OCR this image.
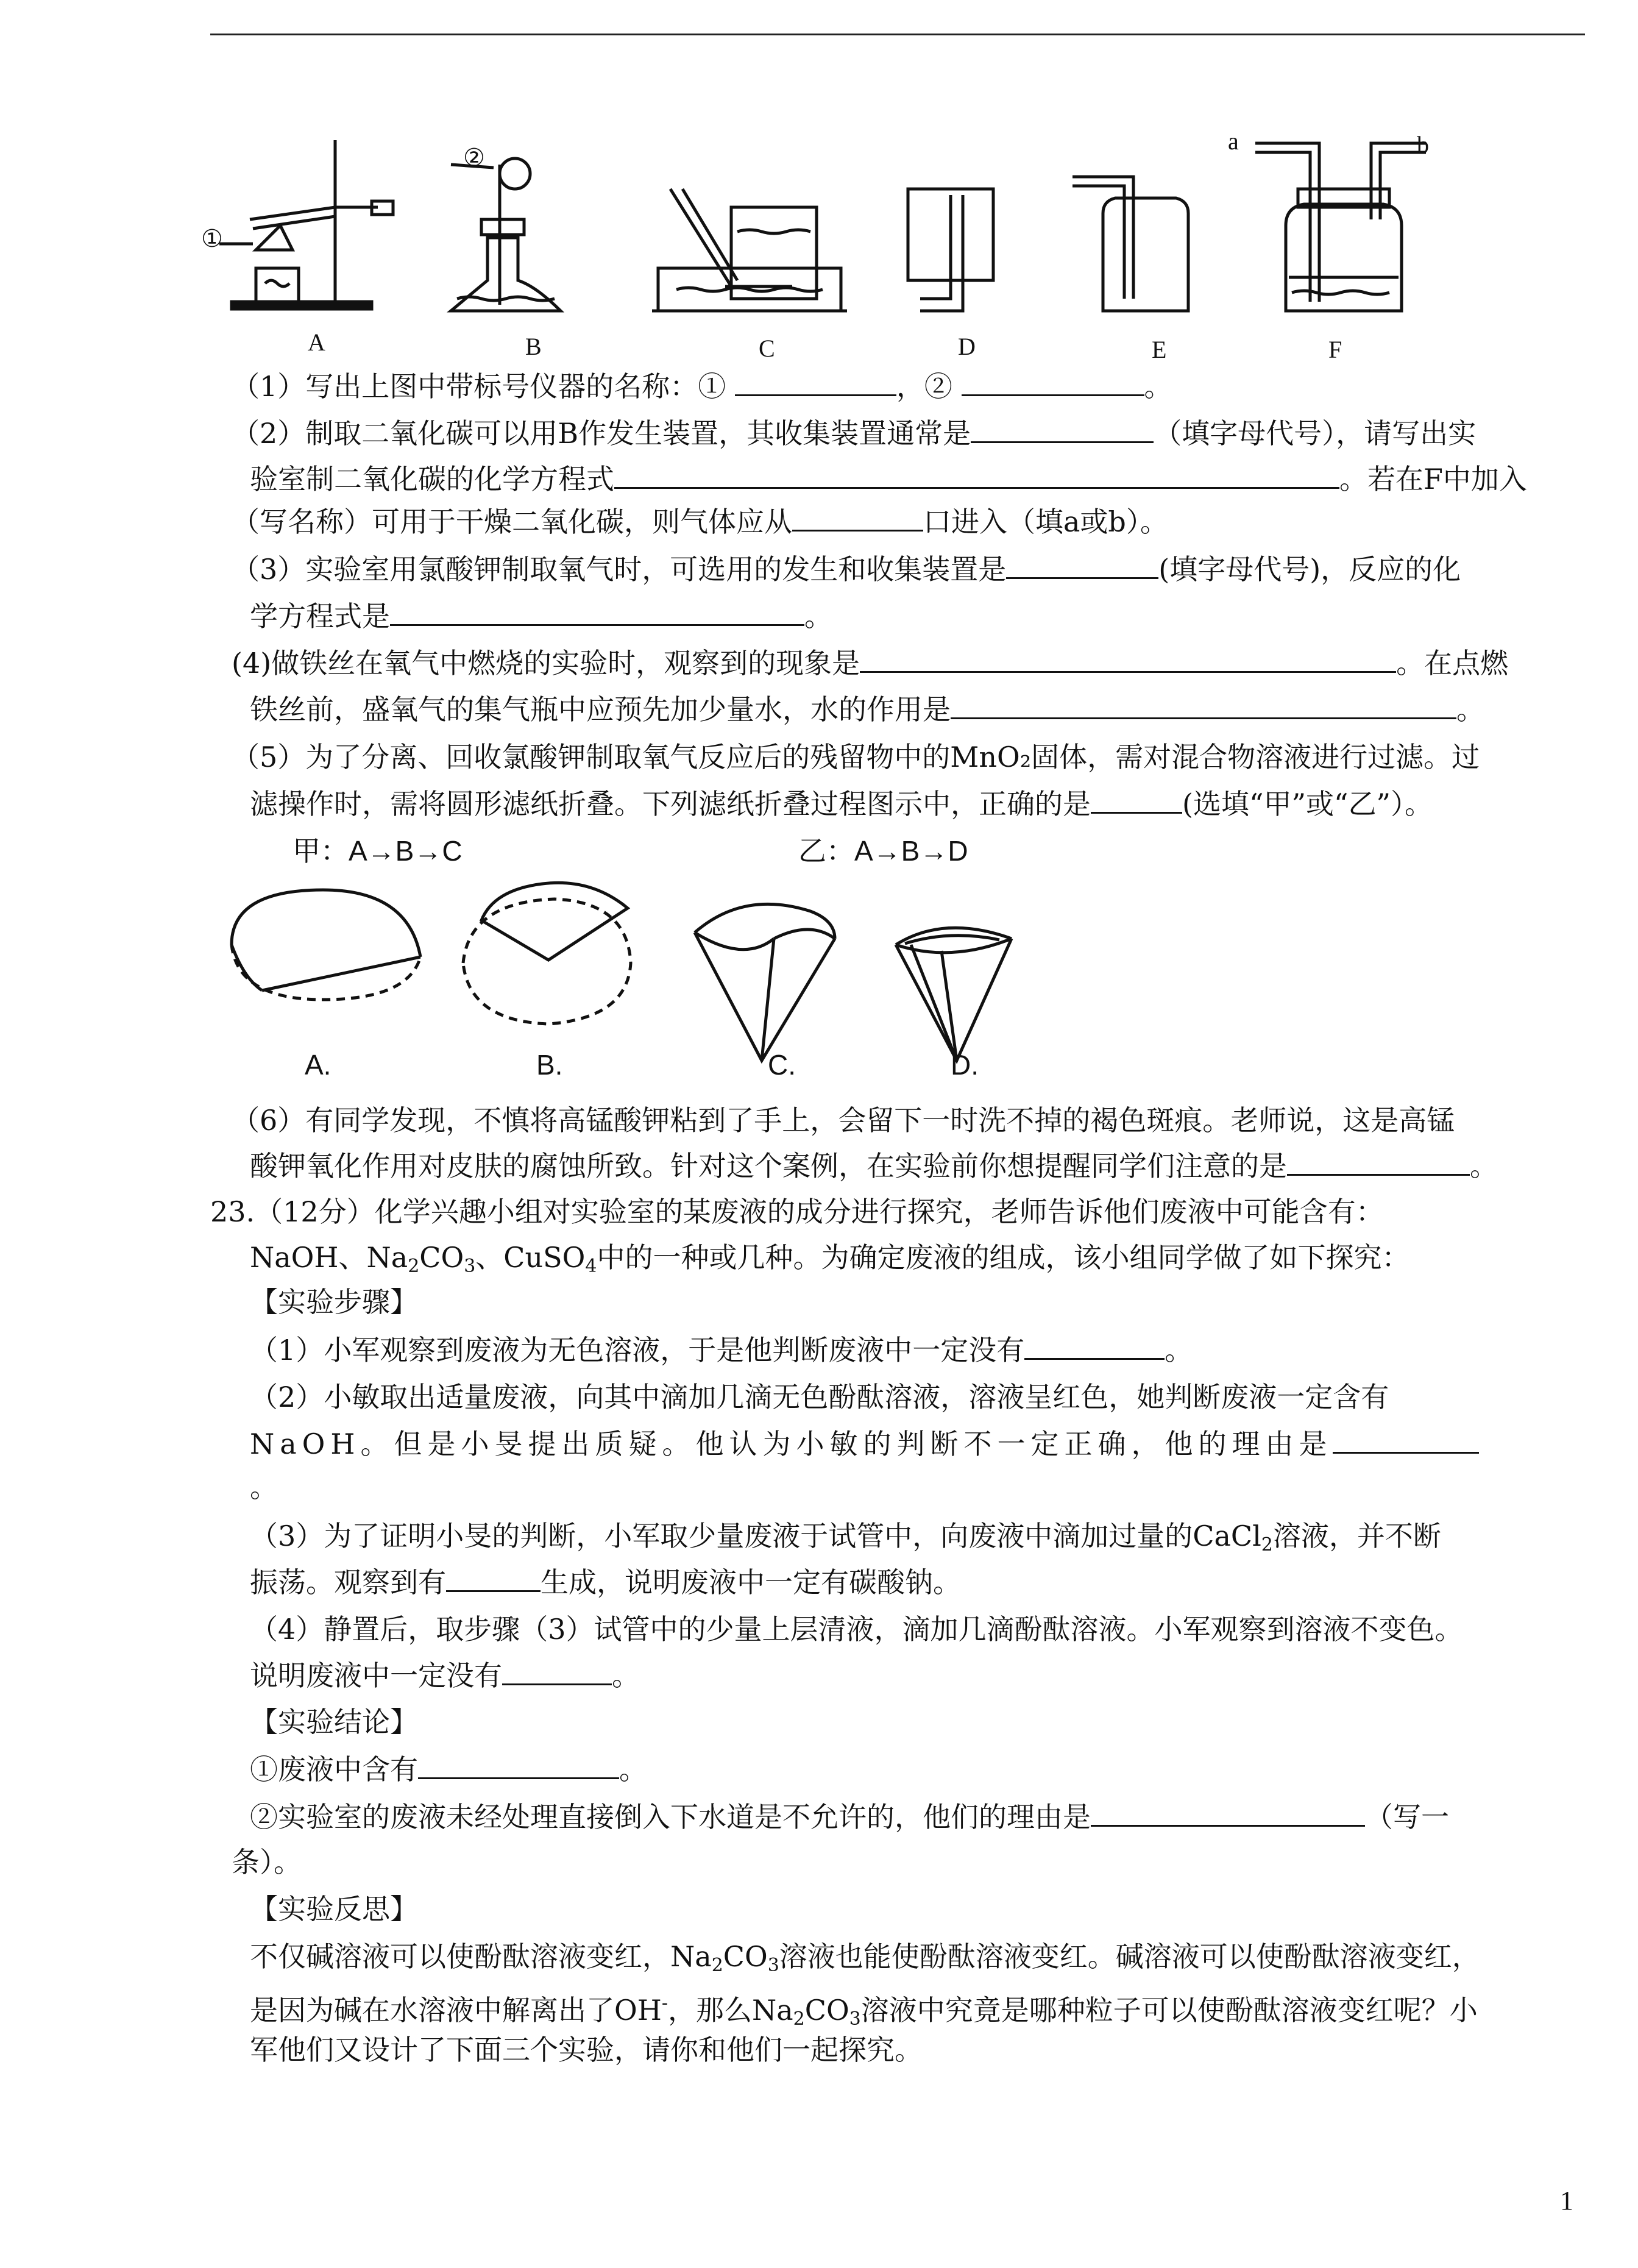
①
②
a	b
A	B	C	D	E	F
（1）写出上图中带标号仪器的名称：①	，②	。
（2）制取二氧化碳可以用B作发生装置，其收集装置通常是	（填字母代号），请写出实
验室制二氧化碳的化学方程式	。若在F中加入
（写名称）可用于干燥二氧化碳，则气体应从	口进入（填a或b）。
（3）实验室用氯酸钾制取氧气时，可选用的发生和收集装置是	(填字母代号)，反应的化
学方程式是	。
(4)做铁丝在氧气中燃烧的实验时，观察到的现象是	。在点燃
铁丝前，盛氧气的集气瓶中应预先加少量水，水的作用是	。
（5）为了分离、回收氯酸钾制取氧气反应后的残留物中的MnO₂固体，需对混合物溶液进行过滤。过
滤操作时，需将圆形滤纸折叠。下列滤纸折叠过程图示中，正确的是	(选填“甲”或“乙”）。
甲：A→B→C	乙：A→B→D
A.	B.	C.	D.
（6）有同学发现，不慎将高锰酸钾粘到了手上，会留下一时洗不掉的褐色斑痕。老师说，这是高锰
酸钾氧化作用对皮肤的腐蚀所致。针对这个案例，在实验前你想提醒同学们注意的是	。
23.（12分）化学兴趣小组对实验室的某废液的成分进行探究，老师告诉他们废液中可能含有：
NaOH、$Na_2CO_3$、CuSO$_4$中的一种或几种。为确定废液的组成，该小组同学做了如下探究：
【实验步骤】
（1）小军观察到废液为无色溶液，于是他判断废液中一定没有	。
（2）小敏取出适量废液，向其中滴加几滴无色酚酞溶液，溶液呈红色，她判断废液一定含有
NaOH。但是小旻提出质疑。他认为小敏的判断不一定正确，他的理由是
。
（3）为了证明小旻的判断，小军取少量废液于试管中，向废液中滴加过量的CaCl$_2$溶液，并不断
振荡。观察到有	生成，说明废液中一定有碳酸钠。
（4）静置后，取步骤（3）试管中的少量上层清液，滴加几滴酚酞溶液。小军观察到溶液不变色。
说明废液中一定没有	。
【实验结论】
①废液中含有	。
②实验室的废液未经处理直接倒入下水道是不允许的，他们的理由是	（写一
条）。
【实验反思】
不仅碱溶液可以使酚酞溶液变红，$Na_2CO_3$溶液也能使酚酞溶液变红。碱溶液可以使酚酞溶液变红，
是因为碱在水溶液中解离出了OH-，那么$Na_2CO_3$溶液中究竟是哪种粒子可以使酚酞溶液变红呢？小
军他们又设计了下面三个实验，请你和他们一起探究。
1
